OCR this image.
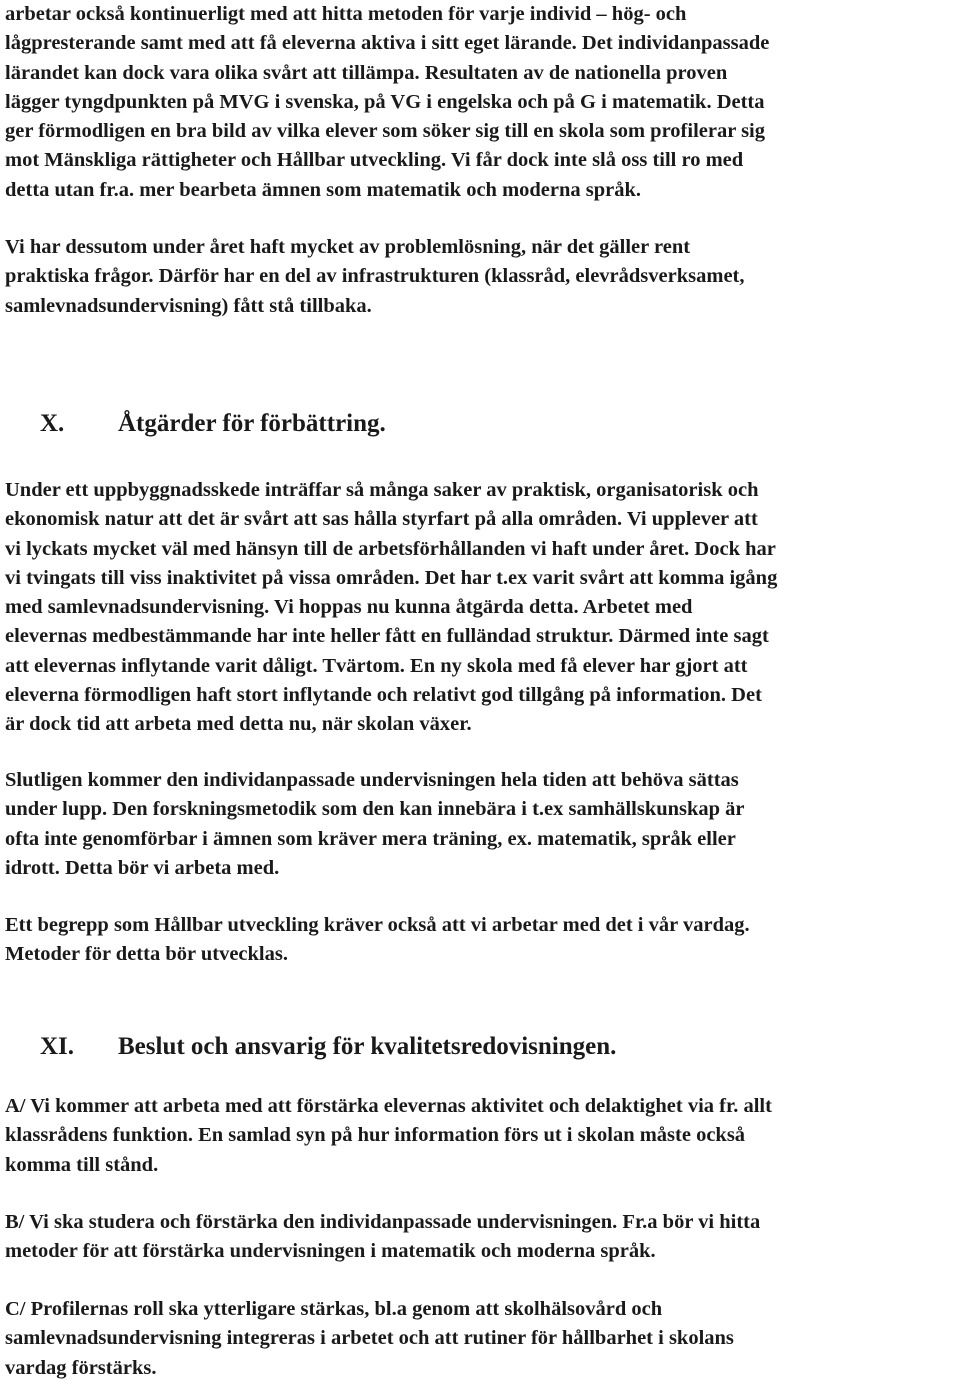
arbetar också kontinuerligt med att hitta metoden för varje individ – hög- och
lågpresterande samt med att få eleverna aktiva i sitt eget lärande. Det individanpassade
lärandet kan dock vara olika svårt att tillämpa. Resultaten av de nationella proven
lägger tyngdpunkten på MVG i svenska, på VG i engelska och på G i matematik. Detta
ger förmodligen en bra bild av vilka elever som söker sig till en skola som profilerar sig
mot Mänskliga rättigheter och Hållbar utveckling. Vi får dock inte slå oss till ro med
detta utan fr.a. mer bearbeta ämnen som matematik och moderna språk.

Vi har dessutom under året haft mycket av problemlösning, när det gäller rent
praktiska frågor. Därför har en del av infrastrukturen (klassråd, elevrådsverksamet,
samlevnadsundervisning) fått stå tillbaka.

X. Åtgärder för förbättring.

Under ett uppbyggnadsskede inträffar så många saker av praktisk, organisatorisk och
ekonomisk natur att det är svårt att sas hålla styrfart på alla områden. Vi upplever att
vi lyckats mycket väl med hänsyn till de arbetsförhållanden vi haft under året. Dock har
vi tvingats till viss inaktivitet på vissa områden. Det har t.ex varit svårt att komma igång
med samlevnadsundervisning. Vi hoppas nu kunna åtgärda detta. Arbetet med
elevernas medbestämmande har inte heller fått en fulländad struktur. Därmed inte sagt
att elevernas inflytande varit dåligt. Tvärtom. En ny skola med få elever har gjort att
eleverna förmodligen haft stort inflytande och relativt god tillgång på information. Det
är dock tid att arbeta med detta nu, när skolan växer.

Slutligen kommer den individanpassade undervisningen hela tiden att behöva sättas
under lupp. Den forskningsmetodik som den kan innebära i t.ex samhällskunskap är
ofta inte genomförbar i ämnen som kräver mera träning, ex. matematik, språk eller
idrott. Detta bör vi arbeta med.

Ett begrepp som Hållbar utveckling kräver också att vi arbetar med det i vår vardag.
Metoder för detta bör utvecklas.

XI. Beslut och ansvarig för kvalitetsredovisningen.

A/ Vi kommer att arbeta med att förstärka elevernas aktivitet och delaktighet via fr. allt
klassrådens funktion. En samlad syn på hur information förs ut i skolan måste också
komma till stånd.

B/ Vi ska studera och förstärka den individanpassade undervisningen. Fr.a bör vi hitta
metoder för att förstärka undervisningen i matematik och moderna språk.

C/ Profilernas roll ska ytterligare stärkas, bl.a genom att skolhälsovård och
samlevnadsundervisning integreras i arbetet och att rutiner för hållbarhet i skolans
vardag förstärks.
